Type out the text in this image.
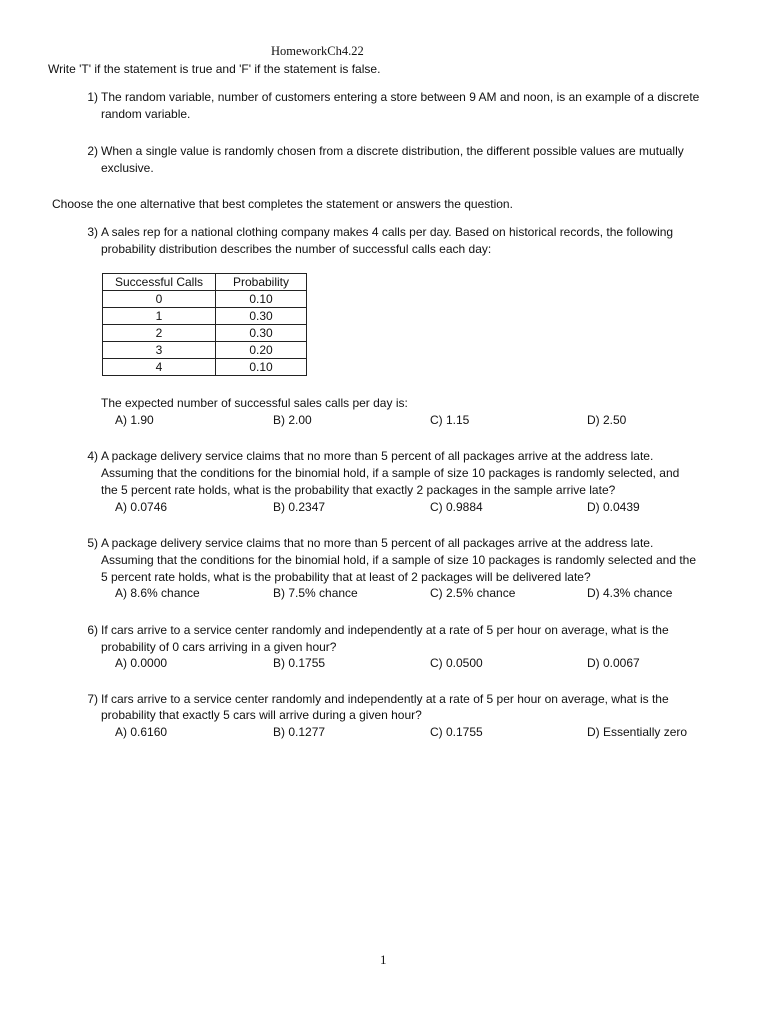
HomeworkCh4.22
Write 'T' if the statement is true and 'F' if the statement is false.
1) The random variable, number of customers entering a store between 9 AM and noon, is an example of a discrete
random variable.
2) When a single value is randomly chosen from a discrete distribution, the different possible values are mutually
exclusive.
Choose the one alternative that best completes the statement or answers the question.
3) A sales rep for a national clothing company makes 4 calls per day. Based on historical records, the following
probability distribution describes the number of successful calls each day:
Successful Calls	Probability
0	0.10
1	0.30
2	0.30
3	0.20
4	0.10
The expected number of successful sales calls per day is:
A) 1.90	B) 2.00	C) 1.15	D) 2.50
4) A package delivery service claims that no more than 5 percent of all packages arrive at the address late.
Assuming that the conditions for the binomial hold, if a sample of size 10 packages is randomly selected, and
the 5 percent rate holds, what is the probability that exactly 2 packages in the sample arrive late?
A) 0.0746	B) 0.2347	C) 0.9884	D) 0.0439
5) A package delivery service claims that no more than 5 percent of all packages arrive at the address late.
Assuming that the conditions for the binomial hold, if a sample of size 10 packages is randomly selected and the
5 percent rate holds, what is the probability that at least of 2 packages will be delivered late?
A) 8.6% chance	B) 7.5% chance	C) 2.5% chance	D) 4.3% chance
6) If cars arrive to a service center randomly and independently at a rate of 5 per hour on average, what is the
probability of 0 cars arriving in a given hour?
A) 0.0000	B) 0.1755	C) 0.0500	D) 0.0067
7) If cars arrive to a service center randomly and independently at a rate of 5 per hour on average, what is the
probability that exactly 5 cars will arrive during a given hour?
A) 0.6160	B) 0.1277	C) 0.1755	D) Essentially zero
1
